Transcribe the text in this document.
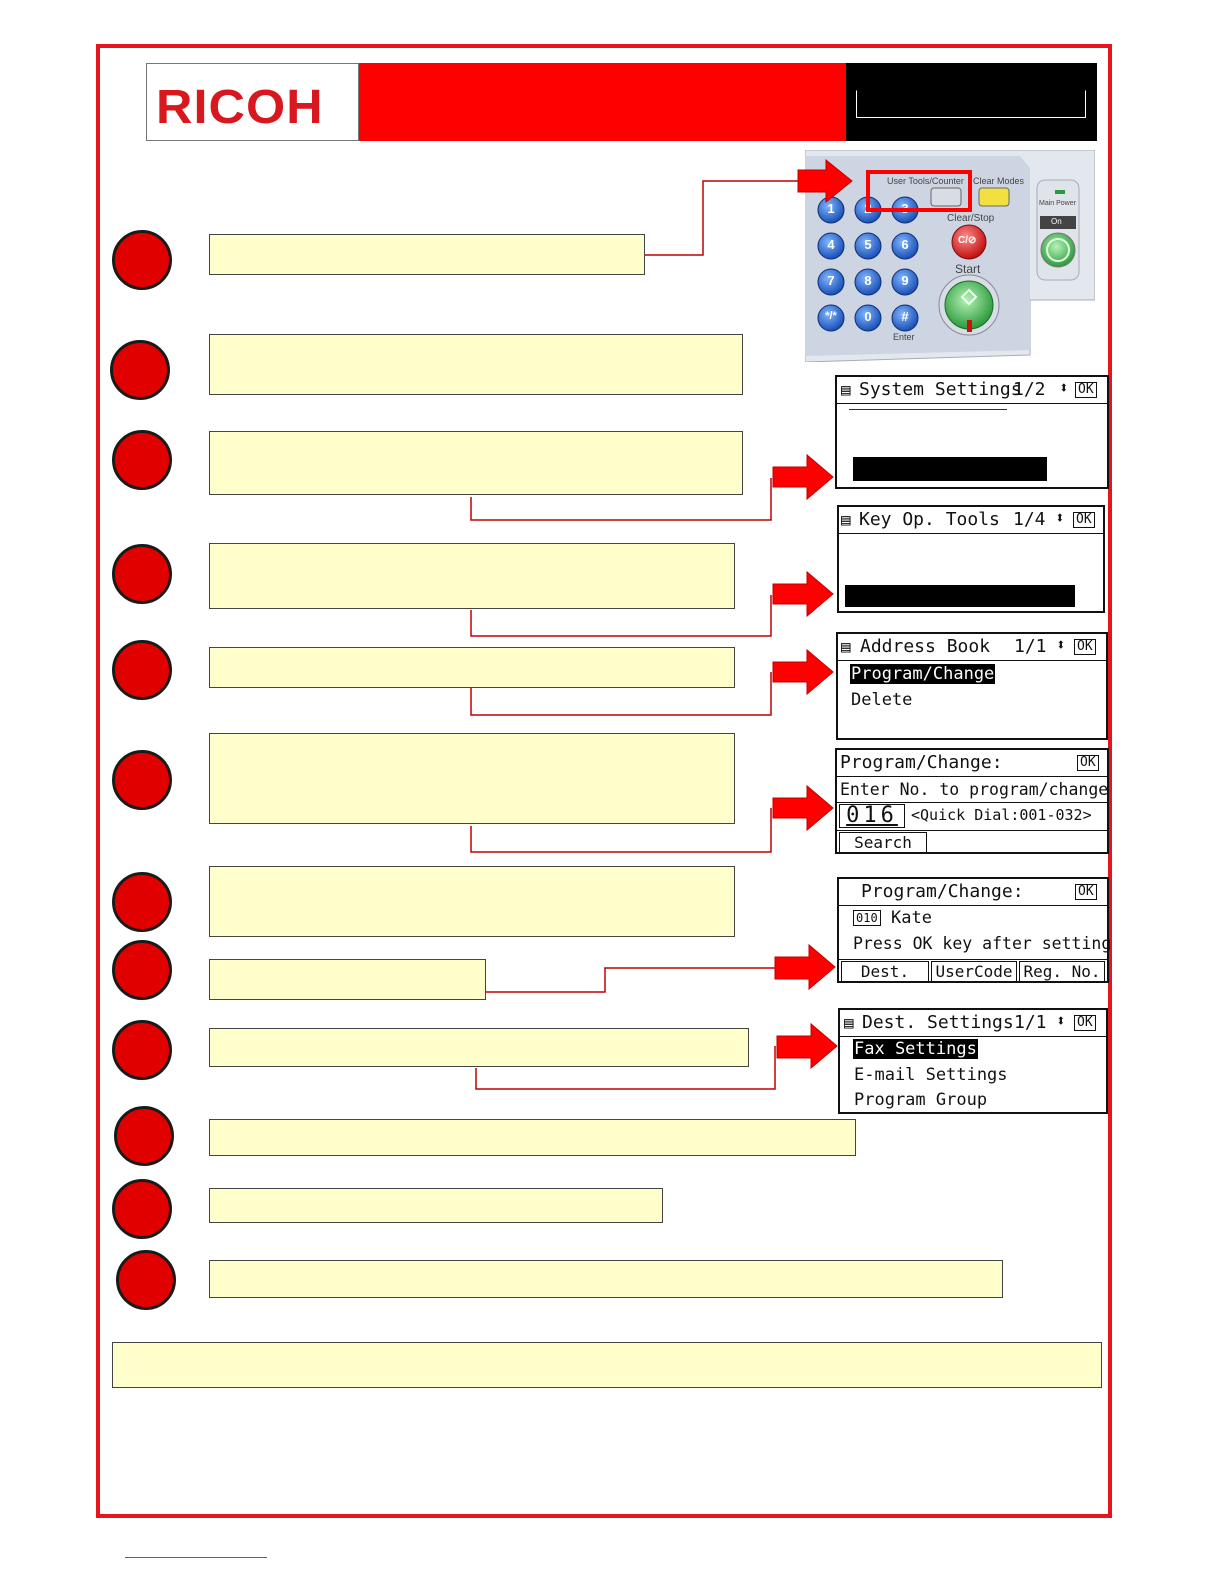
RICOH
User Tools/Counter Clear Modes
Clear/Stop
C/⊘
Start
Main Power
On
Enter
1 2 3
4 5 6
7 8 9
*/*	0 #
▤ System Settings
1/2 ⬍ OK
▤ Key Op. Tools 1/4 ⬍ OK
▤ Address Book 1/1 ⬍ OK
Program/Change
Delete
Program/Change:	OK
Enter No. to program/change
016 <Quick Dial:001-032>
Search
Program/Change:	OK
010 Kate
Press OK key after setting
Dest.	UserCode Reg. No.
▤ Dest. Settings 1/1 ⬍ OK
Fax Settings
E-mail Settings
Program Group
